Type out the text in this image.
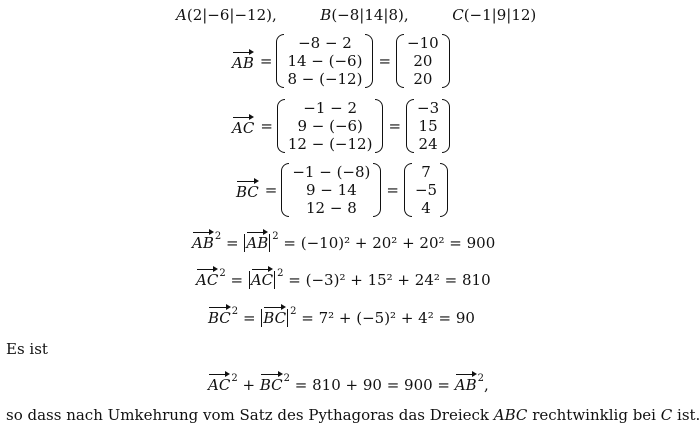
A(2|−6|−12),	B(−8|14|8),	C(−1|9|12)
AB =
−8 − 2
14 − (−6)
8 − (−12)
=
−10
20
20
AC =
−1 − 2
9 − (−6)
12 − (−12)
=
−3
15
24
BC =
−1 − (−8)
9 − 14
12 − 8
=
7
−5
4
$AB^2$ = AB $^2$ = (−10)² + 20² + 20² = 900
$AC^2$ = AC $^2$ = (−3)² + 15² + 24² = 810
$BC^2$ = BC $^2$ = 7² + (−5)² + 4² = 90
Es ist
$AC^2 + BC^2 = 810 + 90 = 900 = AB^2$,
so dass nach Umkehrung vom Satz des Pythagoras das Dreieck ABC rechtwinklig bei C ist.
